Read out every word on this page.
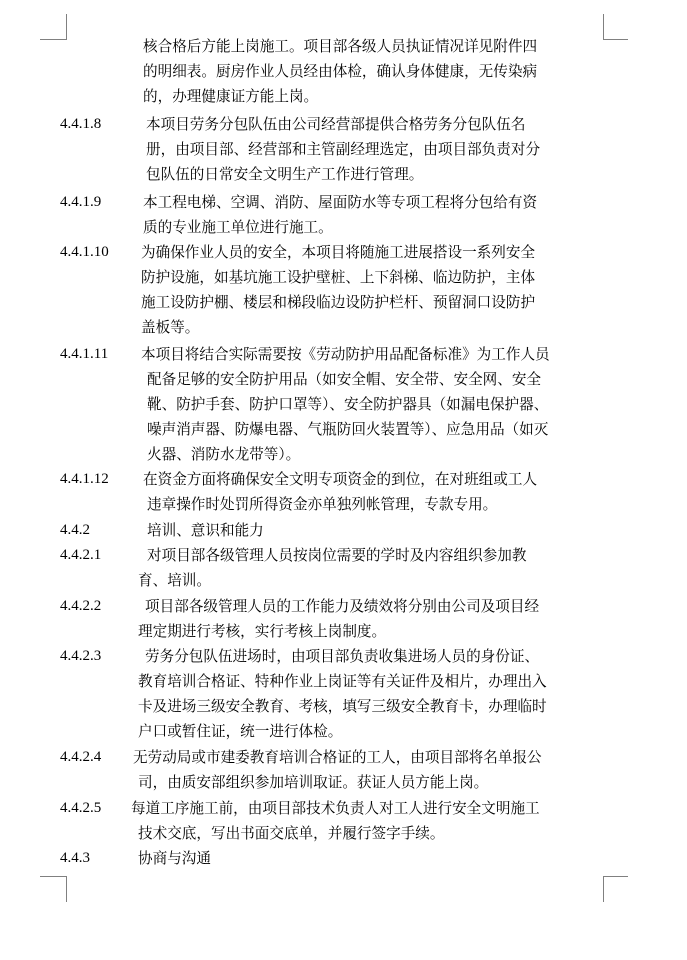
核合格后方能上岗施工。项目部各级人员执证情况详见附件四
的明细表。厨房作业人员经由体检，确认身体健康，无传染病
的，办理健康证方能上岗。
4.4.1.8	本项目劳务分包队伍由公司经营部提供合格劳务分包队伍名
册，由项目部、经营部和主管副经理选定，由项目部负责对分
包队伍的日常安全文明生产工作进行管理。
4.4.1.9	本工程电梯、空调、消防、屋面防水等专项工程将分包给有资
质的专业施工单位进行施工。
4.4.1.10 为确保作业人员的安全，本项目将随施工进展搭设一系列安全
防护设施，如基坑施工设护壁桩、上下斜梯、临边防护，主体
施工设防护棚、楼层和梯段临边设防护栏杆、预留洞口设防护
盖板等。
4.4.1.11 本项目将结合实际需要按《劳动防护用品配备标准》为工作人员
配备足够的安全防护用品（如安全帽、安全带、安全网、安全
靴、防护手套、防护口罩等）、安全防护器具（如漏电保护器、
噪声消声器、防爆电器、气瓶防回火装置等）、应急用品（如灭
火器、消防水龙带等）。
4.4.1.12 在资金方面将确保安全文明专项资金的到位，在对班组或工人
违章操作时处罚所得资金亦单独列帐管理，专款专用。
4.4.2	培训、意识和能力
4.4.2.1	对项目部各级管理人员按岗位需要的学时及内容组织参加教
育、培训。
4.4.2.2	项目部各级管理人员的工作能力及绩效将分别由公司及项目经
理定期进行考核，实行考核上岗制度。
4.4.2.3	劳务分包队伍进场时，由项目部负责收集进场人员的身份证、
教育培训合格证、特种作业上岗证等有关证件及相片，办理出入
卡及进场三级安全教育、考核，填写三级安全教育卡，办理临时
户口或暂住证，统一进行体检。
4.4.2.4 无劳动局或市建委教育培训合格证的工人，由项目部将名单报公
司，由质安部组织参加培训取证。获证人员方能上岗。
4.4.2.5 每道工序施工前，由项目部技术负责人对工人进行安全文明施工
技术交底，写出书面交底单，并履行签字手续。
4.4.3	协商与沟通
